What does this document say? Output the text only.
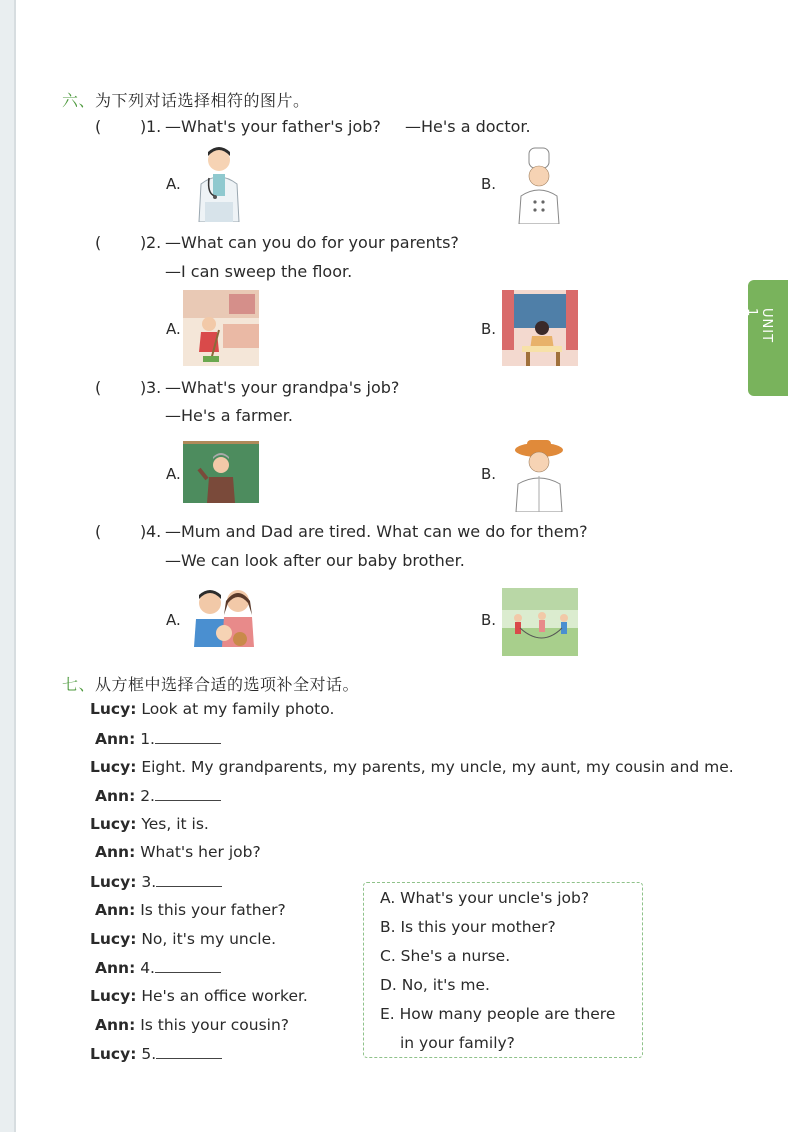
UNIT 1
六、为下列对话选择相符的图片。
( ) 1. —What's your father's job? —He's a doctor.
A.	B.
( ) 2. —What can you do for your parents?
—I can sweep the floor.
A.	B.
( ) 3. —What's your grandpa's job?
—He's a farmer.
A.	B.
( ) 4. —Mum and Dad are tired. What can we do for them?
—We can look after our baby brother.
A.	B.
七、从方框中选择合适的选项补全对话。
Lucy: Look at my family photo.
Ann: 1.
Lucy: Eight. My grandparents, my parents, my uncle, my aunt, my cousin and me.
Ann: 2.
Lucy: Yes, it is.
Ann: What's her job?
Lucy: 3.
Ann: Is this your father?
Lucy: No, it's my uncle.
Ann: 4.
Lucy: He's an office worker.
Ann: Is this your cousin?
Lucy: 5.
A. What's your uncle's job?
B. Is this your mother?
C. She's a nurse.
D. No, it's me.
E. How many people are there
in your family?
